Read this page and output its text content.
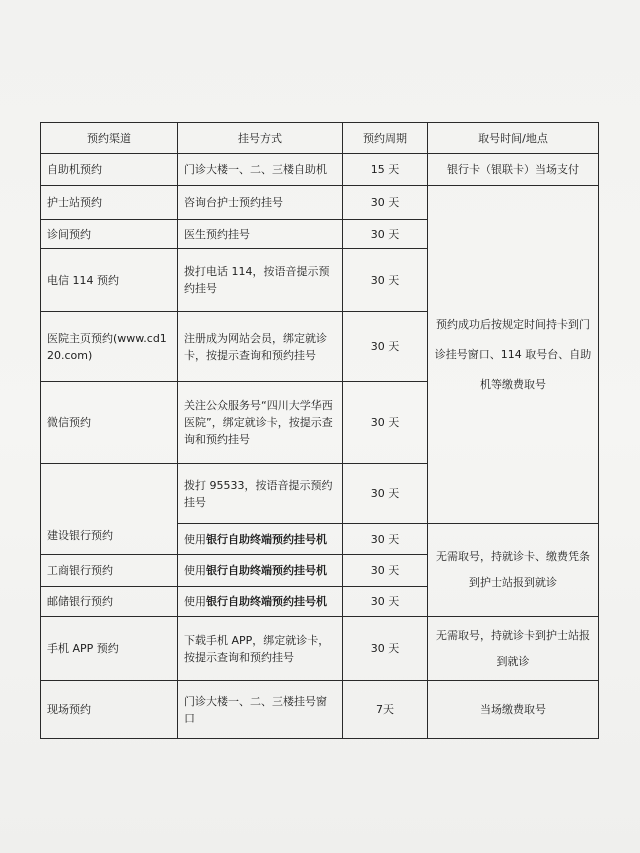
预约渠道	挂号方式	预约周期	取号时间/地点
自助机预约	门诊大楼一、二、三楼自助机	15 天	银行卡（银联卡）当场支付
护士站预约	咨询台护士预约挂号	30 天	预约成功后按规定时间持卡到门诊挂号窗口、114 取号台、自助机等缴费取号
诊间预约	医生预约挂号	30 天	
电信 114 预约	拨打电话 114，按语音提示预约挂号	30 天	
医院主页预约(www.cd120.com)	注册成为网站会员，绑定就诊卡，按提示查询和预约挂号	30 天	
微信预约	关注公众服务号“四川大学华西医院”，绑定就诊卡，按提示查询和预约挂号	30 天	
建设银行预约	拨打 95533，按语音提示预约挂号	30 天	
	使用银行自助终端预约挂号机	30 天	无需取号，持就诊卡、缴费凭条到护士站报到就诊
工商银行预约	使用银行自助终端预约挂号机	30 天	
邮储银行预约	使用银行自助终端预约挂号机	30 天	
手机 APP 预约	下载手机 APP，绑定就诊卡，按提示查询和预约挂号	30 天	无需取号，持就诊卡到护士站报到就诊
现场预约	门诊大楼一、二、三楼挂号窗口	7天	当场缴费取号
